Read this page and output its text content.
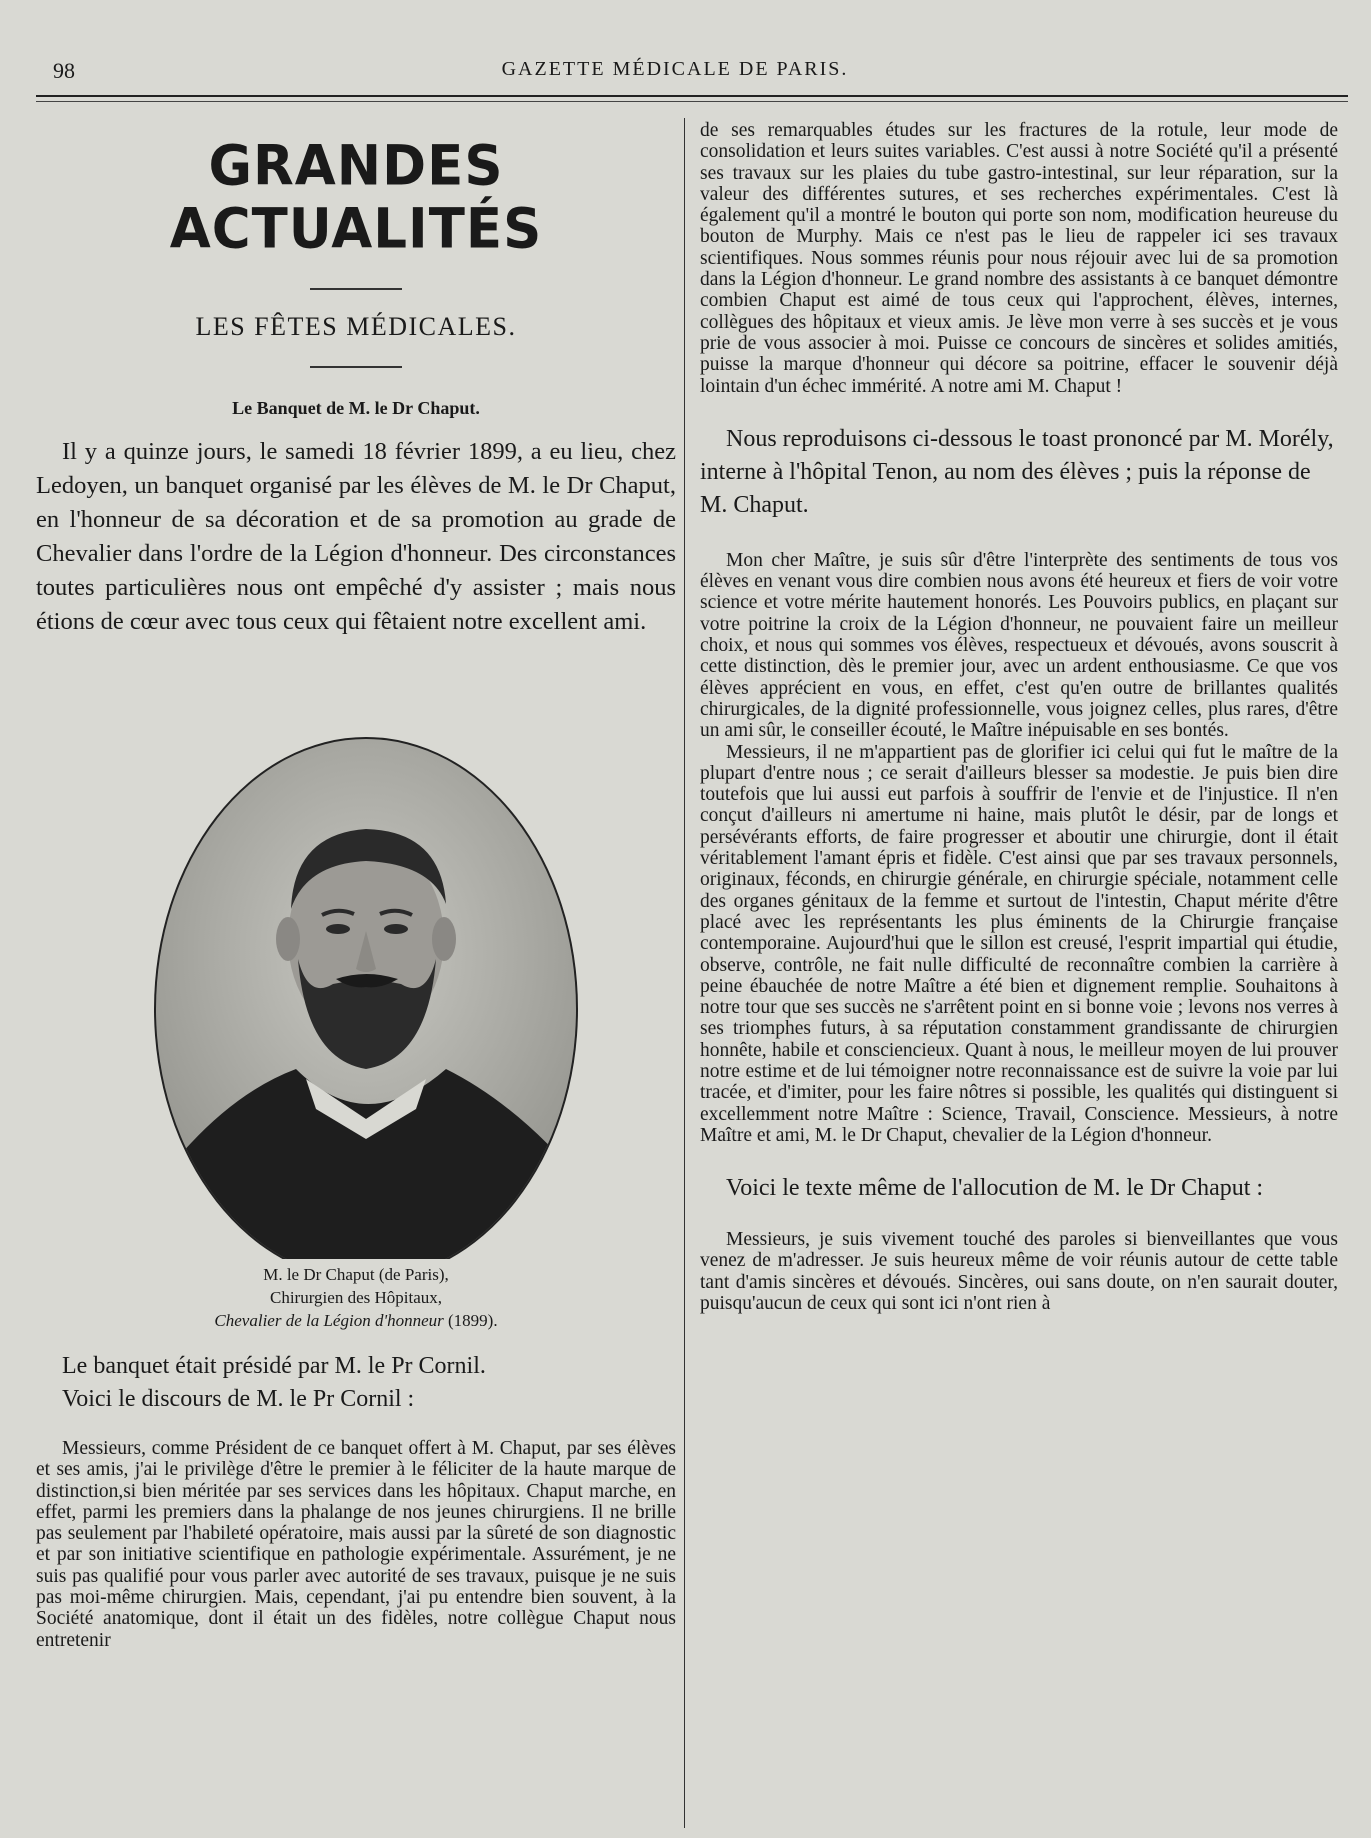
98	GAZETTE MÉDICALE DE PARIS.
GRANDES ACTUALITÉS
LES FÊTES MÉDICALES.
Le Banquet de M. le Dr Chaput.

Il y a quinze jours, le samedi 18 février 1899, a eu lieu, chez Ledoyen, un banquet organisé par les élèves de M. le Dr Chaput, en l'honneur de sa décoration et de sa promotion au grade de Chevalier dans l'ordre de la Légion d'honneur. Des circonstances toutes particulières nous ont empêché d'y assister ; mais nous étions de cœur avec tous ceux qui fêtaient notre excellent ami.

M. le Dr Chaput (de Paris),
Chirurgien des Hôpitaux,
Chevalier de la Légion d'honneur (1899).

Le banquet était présidé par M. le Pr Cornil.

Voici le discours de M. le Pr Cornil :

Messieurs, comme Président de ce banquet offert à M. Chaput, par ses élèves et ses amis, j'ai le privilège d'être le premier à le féliciter de la haute marque de distinction,si bien méritée par ses services dans les hôpitaux. Chaput marche, en effet, parmi les premiers dans la phalange de nos jeunes chirurgiens. Il ne brille pas seulement par l'habileté opératoire, mais aussi par la sûreté de son diagnostic et par son initiative scientifique en pathologie expérimentale. Assurément, je ne suis pas qualifié pour vous parler avec autorité de ses travaux, puisque je ne suis pas moi-même chirurgien. Mais, cependant, j'ai pu entendre bien souvent, à la Société anatomique, dont il était un des fidèles, notre collègue Chaput nous entretenir

de ses remarquables études sur les fractures de la rotule, leur mode de consolidation et leurs suites variables. C'est aussi à notre Société qu'il a présenté ses travaux sur les plaies du tube gastro-intestinal, sur leur réparation, sur la valeur des différentes sutures, et ses recherches expérimentales. C'est là également qu'il a montré le bouton qui porte son nom, modification heureuse du bouton de Murphy. Mais ce n'est pas le lieu de rappeler ici ses travaux scientifiques. Nous sommes réunis pour nous réjouir avec lui de sa promotion dans la Légion d'honneur. Le grand nombre des assistants à ce banquet démontre combien Chaput est aimé de tous ceux qui l'approchent, élèves, internes, collègues des hôpitaux et vieux amis. Je lève mon verre à ses succès et je vous prie de vous associer à moi. Puisse ce concours de sincères et solides amitiés, puisse la marque d'honneur qui décore sa poitrine, effacer le souvenir déjà lointain d'un échec immérité. A notre ami M. Chaput !

Nous reproduisons ci-dessous le toast prononcé par M. Morély, interne à l'hôpital Tenon, au nom des élèves ; puis la réponse de M. Chaput.

Mon cher Maître, je suis sûr d'être l'interprète des sentiments de tous vos élèves en venant vous dire combien nous avons été heureux et fiers de voir votre science et votre mérite hautement honorés. Les Pouvoirs publics, en plaçant sur votre poitrine la croix de la Légion d'honneur, ne pouvaient faire un meilleur choix, et nous qui sommes vos élèves, respectueux et dévoués, avons souscrit à cette distinction, dès le premier jour, avec un ardent enthousiasme. Ce que vos élèves apprécient en vous, en effet, c'est qu'en outre de brillantes qualités chirurgicales, de la dignité professionnelle, vous joignez celles, plus rares, d'être un ami sûr, le conseiller écouté, le Maître inépuisable en ses bontés.

Messieurs, il ne m'appartient pas de glorifier ici celui qui fut le maître de la plupart d'entre nous ; ce serait d'ailleurs blesser sa modestie. Je puis bien dire toutefois que lui aussi eut parfois à souffrir de l'envie et de l'injustice. Il n'en conçut d'ailleurs ni amertume ni haine, mais plutôt le désir, par de longs et persévérants efforts, de faire progresser et aboutir une chirurgie, dont il était véritablement l'amant épris et fidèle. C'est ainsi que par ses travaux personnels, originaux, féconds, en chirurgie générale, en chirurgie spéciale, notamment celle des organes génitaux de la femme et surtout de l'intestin, Chaput mérite d'être placé avec les représentants les plus éminents de la Chirurgie française contemporaine. Aujourd'hui que le sillon est creusé, l'esprit impartial qui étudie, observe, contrôle, ne fait nulle difficulté de reconnaître combien la carrière à peine ébauchée de notre Maître a été bien et dignement remplie. Souhaitons à notre tour que ses succès ne s'arrêtent point en si bonne voie ; levons nos verres à ses triomphes futurs, à sa réputation constamment grandissante de chirurgien honnête, habile et consciencieux. Quant à nous, le meilleur moyen de lui prouver notre estime et de lui témoigner notre reconnaissance est de suivre la voie par lui tracée, et d'imiter, pour les faire nôtres si possible, les qualités qui distinguent si excellemment notre Maître : Science, Travail, Conscience. Messieurs, à notre Maître et ami, M. le Dr Chaput, chevalier de la Légion d'honneur.

Voici le texte même de l'allocution de M. le Dr Chaput :

Messieurs, je suis vivement touché des paroles si bienveillantes que vous venez de m'adresser. Je suis heureux même de voir réunis autour de cette table tant d'amis sincères et dévoués. Sincères, oui sans doute, on n'en saurait douter, puisqu'aucun de ceux qui sont ici n'ont rien à
